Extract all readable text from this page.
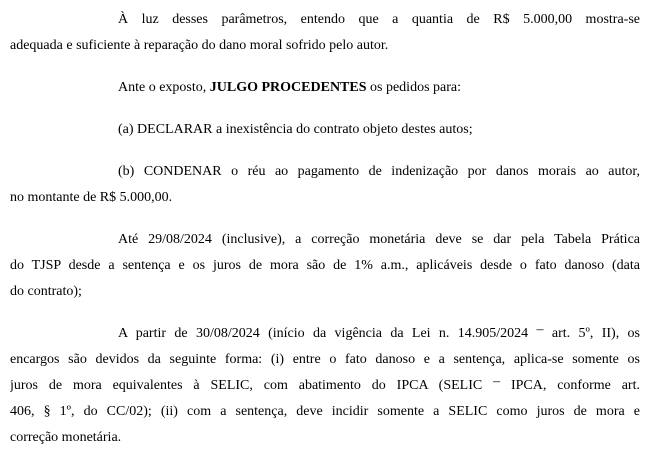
À luz desses parâmetros, entendo que a quantia de R$ 5.000,00 mostra-se
adequada e suficiente à reparação do dano moral sofrido pelo autor.
Ante o exposto, JULGO PROCEDENTES os pedidos para:
(a) DECLARAR a inexistência do contrato objeto destes autos;
(b) CONDENAR o réu ao pagamento de indenização por danos morais ao autor,
no montante de R$ 5.000,00.
Até 29/08/2024 (inclusive), a correção monetária deve se dar pela Tabela Prática
do TJSP desde a sentença e os juros de mora são de 1% a.m., aplicáveis desde o fato danoso (data
do contrato);
A partir de 30/08/2024 (início da vigência da Lei n. 14.905/2024 – art. 5º, II), os
encargos são devidos da seguinte forma: (i) entre o fato danoso e a sentença, aplica-se somente os
juros de mora equivalentes à SELIC, com abatimento do IPCA (SELIC – IPCA, conforme art.
406, § 1º, do CC/02); (ii) com a sentença, deve incidir somente a SELIC como juros de mora e
correção monetária.
